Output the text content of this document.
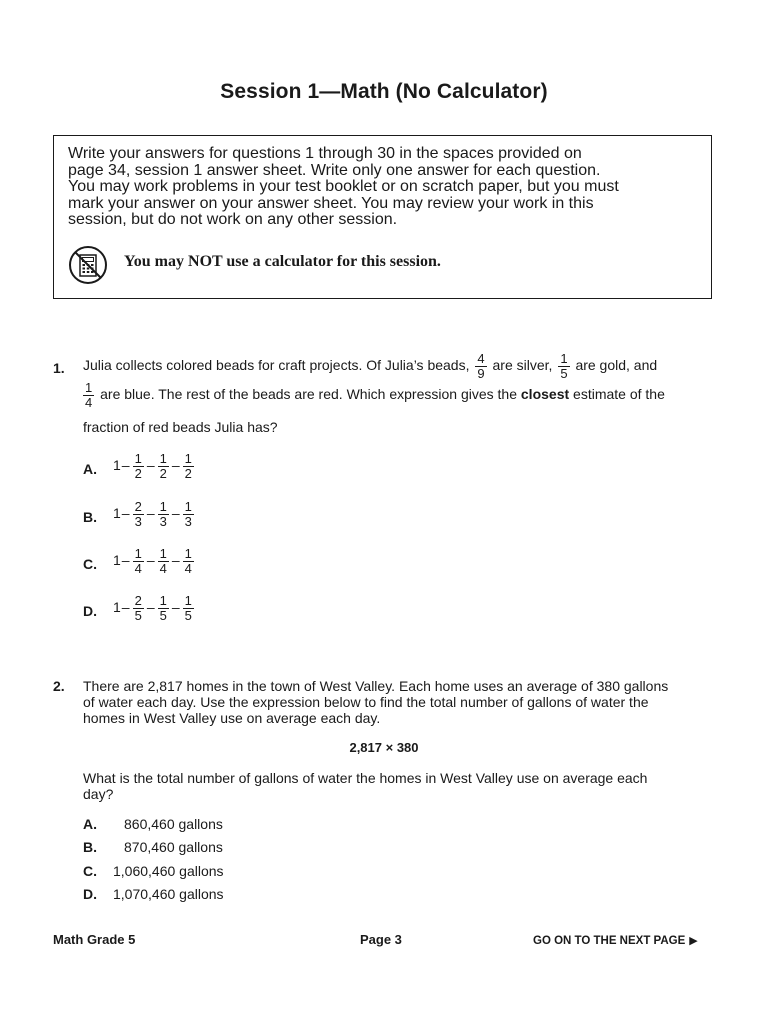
Session 1—Math (No Calculator)
Write your answers for questions 1 through 30 in the spaces provided on
page 34, session 1 answer sheet. Write only one answer for each question.
You may work problems in your test booklet or on scratch paper, but you must
mark your answer on your answer sheet. You may review your work in this
session, but do not work on any other session.
You may NOT use a calculator for this session.
1. Julia collects colored beads for craft projects. Of Julia’s beads, $\frac{4}{9}$ are silver, $\frac{1}{5}$ are gold, and
$\frac{1}{4}$ are blue. The rest of the beads are red. Which expression gives the closest estimate of the
fraction of red beads Julia has?
A. $1- \frac{1}{2} - \frac{1}{2} - \frac{1}{2}$
B. $1- \frac{2}{3} - \frac{1}{3} - \frac{1}{3}$
C. $1- \frac{1}{4} - \frac{1}{4} - \frac{1}{4}$
D. $1- \frac{2}{5} - \frac{1}{5} - \frac{1}{5}$
2. There are 2,817 homes in the town of West Valley. Each home uses an average of 380 gallons
of water each day. Use the expression below to find the total number of gallons of water the
homes in West Valley use on average each day.
2,817 × 380
What is the total number of gallons of water the homes in West Valley use on average each
day?
A. 860,460 gallons
B. 870,460 gallons
C. 1,060,460 gallons
D. 1,070,460 gallons
Math Grade 5	Page 3	GO ON TO THE NEXT PAGE ▶
